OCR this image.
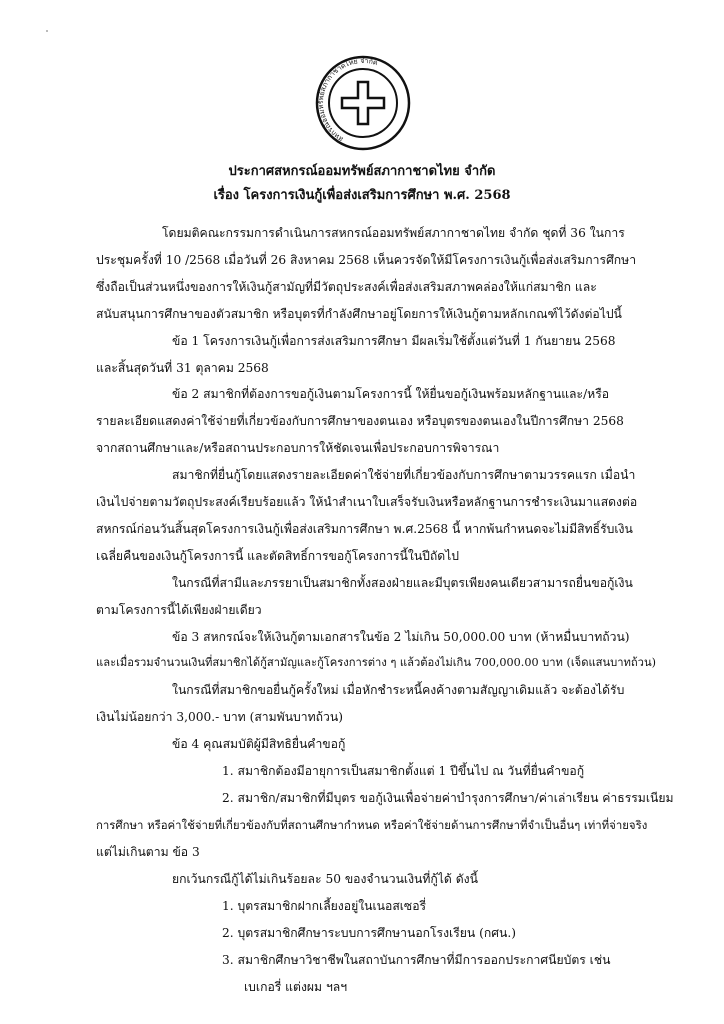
สหกรณ์ออมทรัพย์สภากาชาดไทย จำกัด
ประกาศสหกรณ์ออมทรัพย์สภากาชาดไทย จำกัด
เรื่อง โครงการเงินกู้เพื่อส่งเสริมการศึกษา พ.ศ. 2568
โดยมติคณะกรรมการดำเนินการสหกรณ์ออมทรัพย์สภากาชาดไทย จำกัด ชุดที่ 36 ในการ
ประชุมครั้งที่ 10 /2568 เมื่อวันที่ 26 สิงหาคม 2568 เห็นควรจัดให้มีโครงการเงินกู้เพื่อส่งเสริมการศึกษา
ซึ่งถือเป็นส่วนหนึ่งของการให้เงินกู้สามัญที่มีวัตถุประสงค์เพื่อส่งเสริมสภาพคล่องให้แก่สมาชิก และ
สนับสนุนการศึกษาของตัวสมาชิก หรือบุตรที่กำลังศึกษาอยู่โดยการให้เงินกู้ตามหลักเกณฑ์ไว้ดังต่อไปนี้
ข้อ 1 โครงการเงินกู้เพื่อการส่งเสริมการศึกษา มีผลเริ่มใช้ตั้งแต่วันที่ 1 กันยายน 2568
และสิ้นสุดวันที่ 31 ตุลาคม 2568
ข้อ 2 สมาชิกที่ต้องการขอกู้เงินตามโครงการนี้ ให้ยื่นขอกู้เงินพร้อมหลักฐานและ/หรือ
รายละเอียดแสดงค่าใช้จ่ายที่เกี่ยวข้องกับการศึกษาของตนเอง หรือบุตรของตนเองในปีการศึกษา 2568
จากสถานศึกษาและ/หรือสถานประกอบการให้ชัดเจนเพื่อประกอบการพิจารณา
สมาชิกที่ยื่นกู้โดยแสดงรายละเอียดค่าใช้จ่ายที่เกี่ยวข้องกับการศึกษาตามวรรคแรก เมื่อนำ
เงินไปจ่ายตามวัตถุประสงค์เรียบร้อยแล้ว ให้นำสำเนาใบเสร็จรับเงินหรือหลักฐานการชำระเงินมาแสดงต่อ
สหกรณ์ก่อนวันสิ้นสุดโครงการเงินกู้เพื่อส่งเสริมการศึกษา พ.ศ.2568 นี้ หากพ้นกำหนดจะไม่มีสิทธิ์รับเงิน
เฉลี่ยคืนของเงินกู้โครงการนี้ และตัดสิทธิ์การขอกู้โครงการนี้ในปีถัดไป
ในกรณีที่สามีและภรรยาเป็นสมาชิกทั้งสองฝ่ายและมีบุตรเพียงคนเดียวสามารถยื่นขอกู้เงิน
ตามโครงการนี้ได้เพียงฝ่ายเดียว
ข้อ 3 สหกรณ์จะให้เงินกู้ตามเอกสารในข้อ 2 ไม่เกิน 50,000.00 บาท (ห้าหมื่นบาทถ้วน)
และเมื่อรวมจำนวนเงินที่สมาชิกได้กู้สามัญและกู้โครงการต่าง ๆ แล้วต้องไม่เกิน 700,000.00 บาท (เจ็ดแสนบาทถ้วน)
ในกรณีที่สมาชิกขอยื่นกู้ครั้งใหม่ เมื่อหักชำระหนี้คงค้างตามสัญญาเดิมแล้ว จะต้องได้รับ
เงินไม่น้อยกว่า 3,000.- บาท (สามพันบาทถ้วน)
ข้อ 4 คุณสมบัติผู้มีสิทธิยื่นคำขอกู้
1. สมาชิกต้องมีอายุการเป็นสมาชิกตั้งแต่ 1 ปีขึ้นไป ณ วันที่ยื่นคำขอกู้
2. สมาชิก/สมาชิกที่มีบุตร ขอกู้เงินเพื่อจ่ายค่าบำรุงการศึกษา/ค่าเล่าเรียน ค่าธรรมเนียม
การศึกษา หรือค่าใช้จ่ายที่เกี่ยวข้องกับที่สถานศึกษากำหนด หรือค่าใช้จ่ายด้านการศึกษาที่จำเป็นอื่นๆ เท่าที่จ่ายจริง
แต่ไม่เกินตาม ข้อ 3
ยกเว้นกรณีกู้ได้ไม่เกินร้อยละ 50 ของจำนวนเงินที่กู้ได้ ดังนี้
1. บุตรสมาชิกฝากเลี้ยงอยู่ในเนอสเซอรี่
2. บุตรสมาชิกศึกษาระบบการศึกษานอกโรงเรียน (กศน.)
3. สมาชิกศึกษาวิชาชีพในสถาบันการศึกษาที่มีการออกประกาศนียบัตร เช่น
เบเกอรี่ แต่งผม ฯลฯ
